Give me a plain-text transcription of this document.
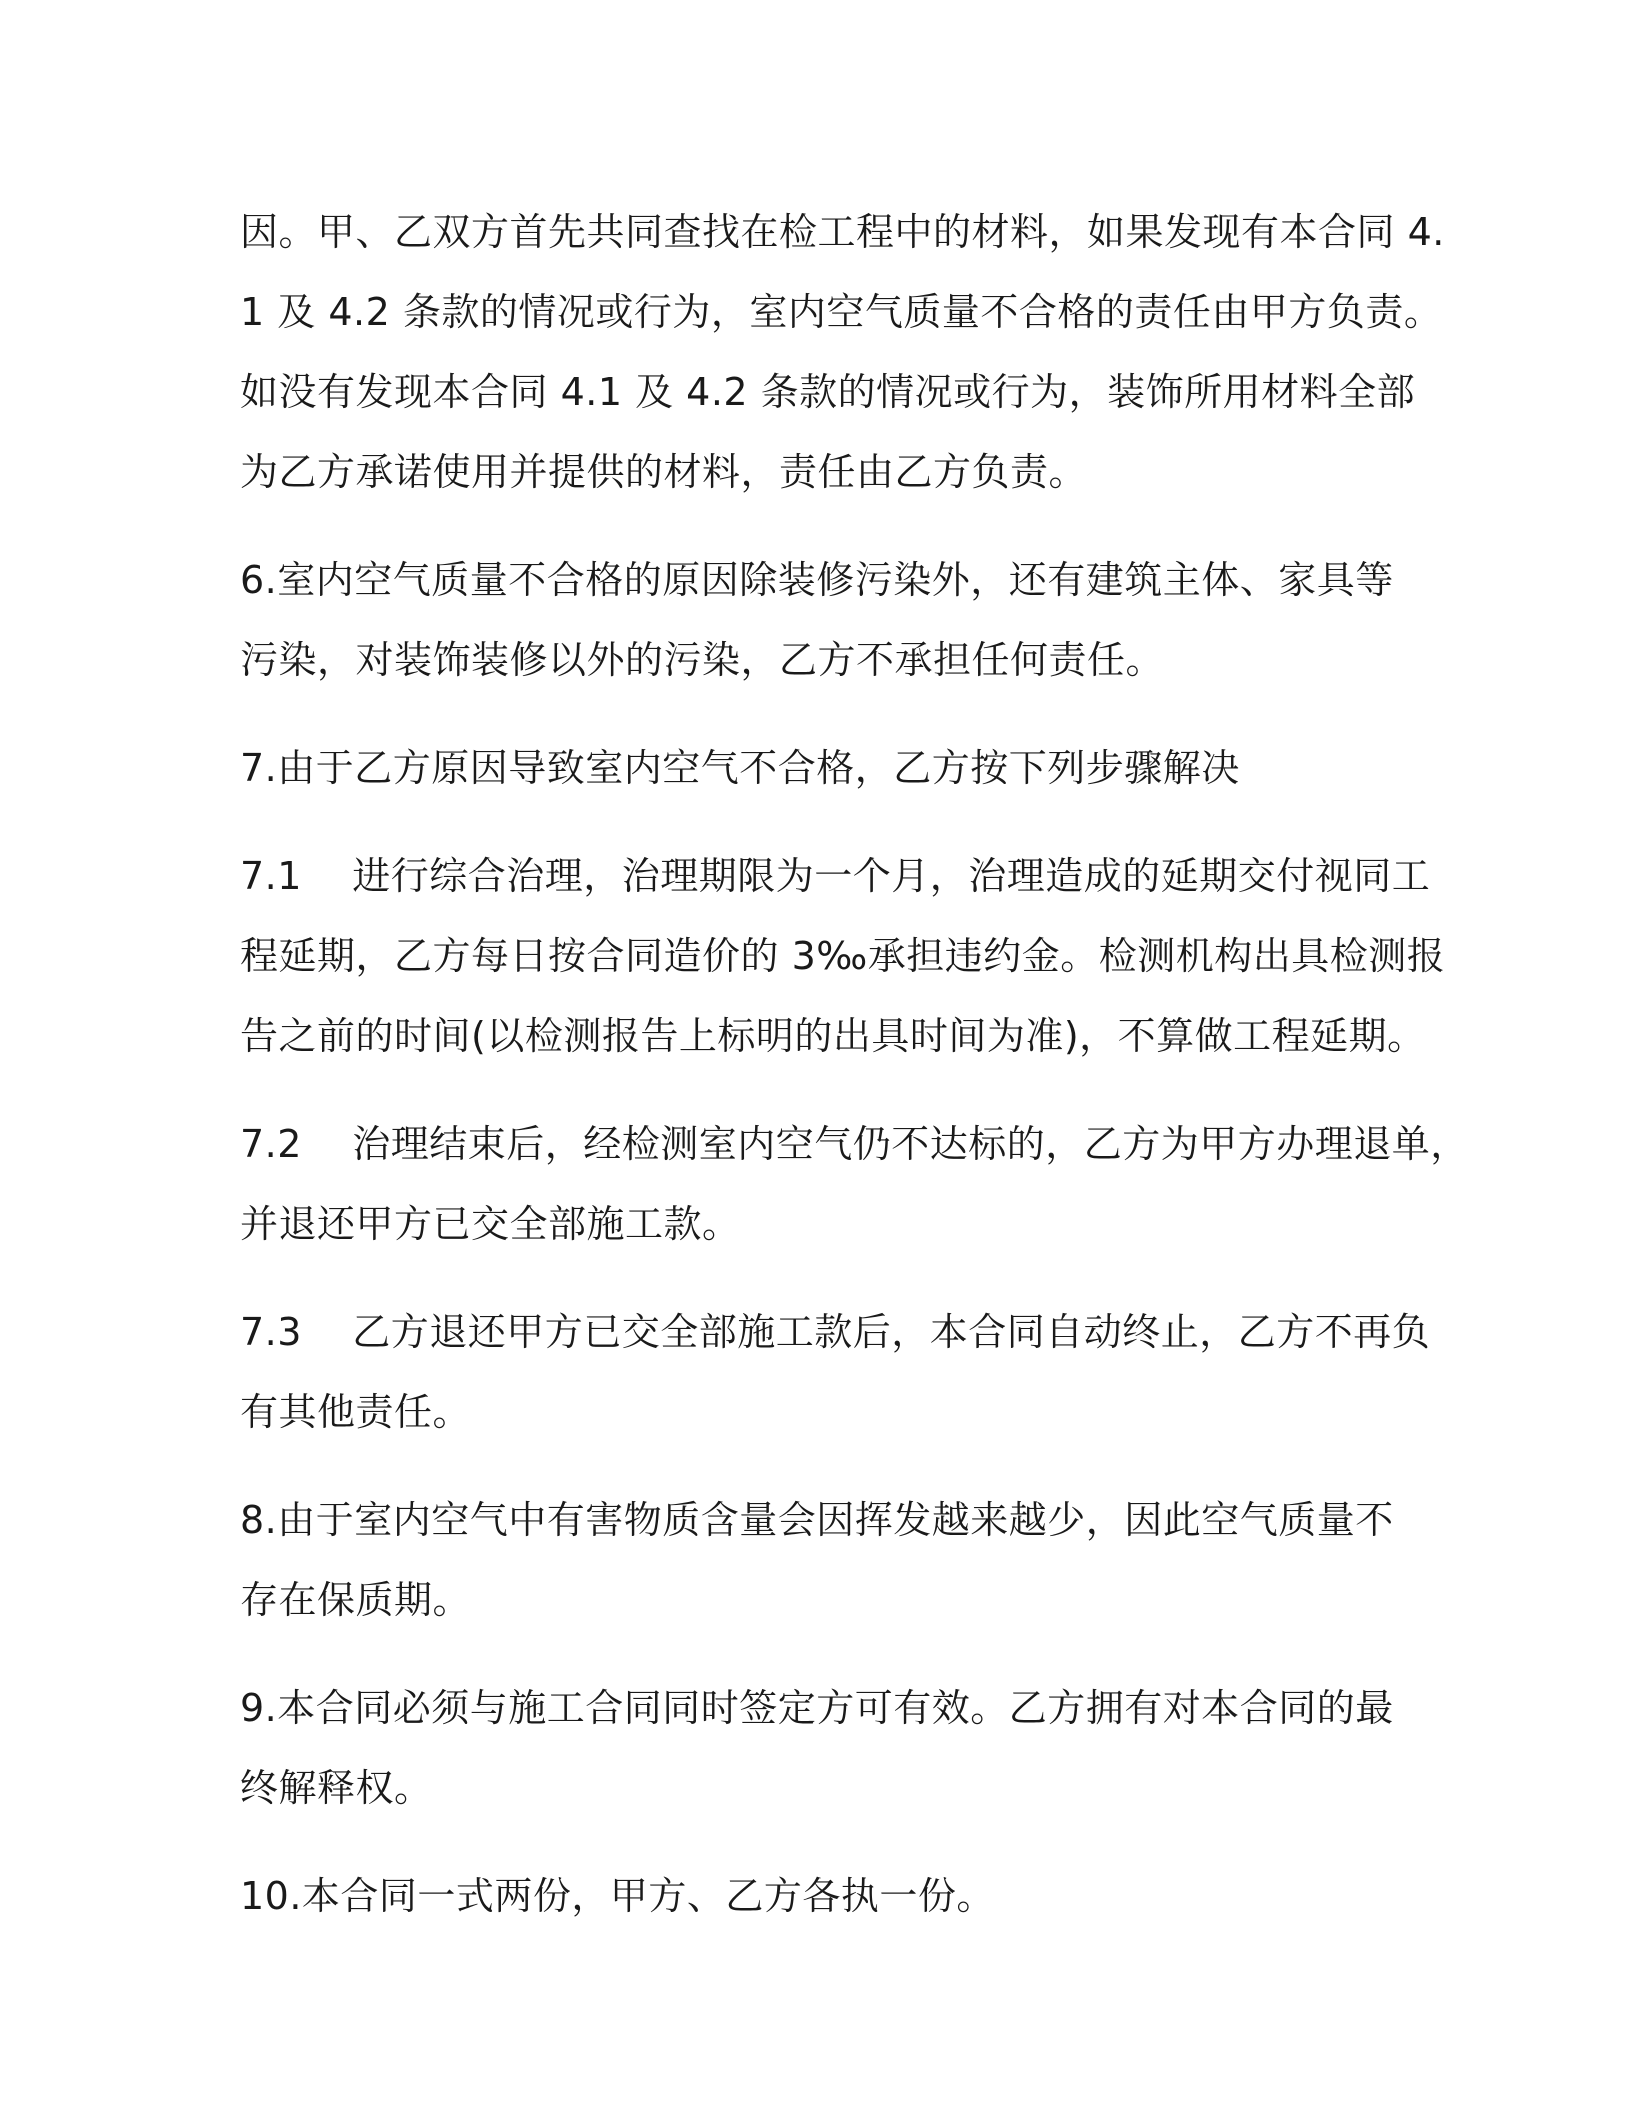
因。甲、乙双方首先共同查找在检工程中的材料，如果发现有本合同 4.
1 及 4.2 条款的情况或行为，室内空气质量不合格的责任由甲方负责。
如没有发现本合同 4.1 及 4.2 条款的情况或行为，装饰所用材料全部
为乙方承诺使用并提供的材料，责任由乙方负责。
6.室内空气质量不合格的原因除装修污染外，还有建筑主体、家具等
污染，对装饰装修以外的污染，乙方不承担任何责任。
7.由于乙方原因导致室内空气不合格，乙方按下列步骤解决
7.1    进行综合治理，治理期限为一个月，治理造成的延期交付视同工
程延期，乙方每日按合同造价的 3‰承担违约金。检测机构出具检测报
告之前的时间(以检测报告上标明的出具时间为准)，不算做工程延期。
7.2    治理结束后，经检测室内空气仍不达标的，乙方为甲方办理退单，
并退还甲方已交全部施工款。
7.3    乙方退还甲方已交全部施工款后，本合同自动终止，乙方不再负
有其他责任。
8.由于室内空气中有害物质含量会因挥发越来越少，因此空气质量不
存在保质期。
9.本合同必须与施工合同同时签定方可有效。乙方拥有对本合同的最
终解释权。
10.本合同一式两份，甲方、乙方各执一份。
